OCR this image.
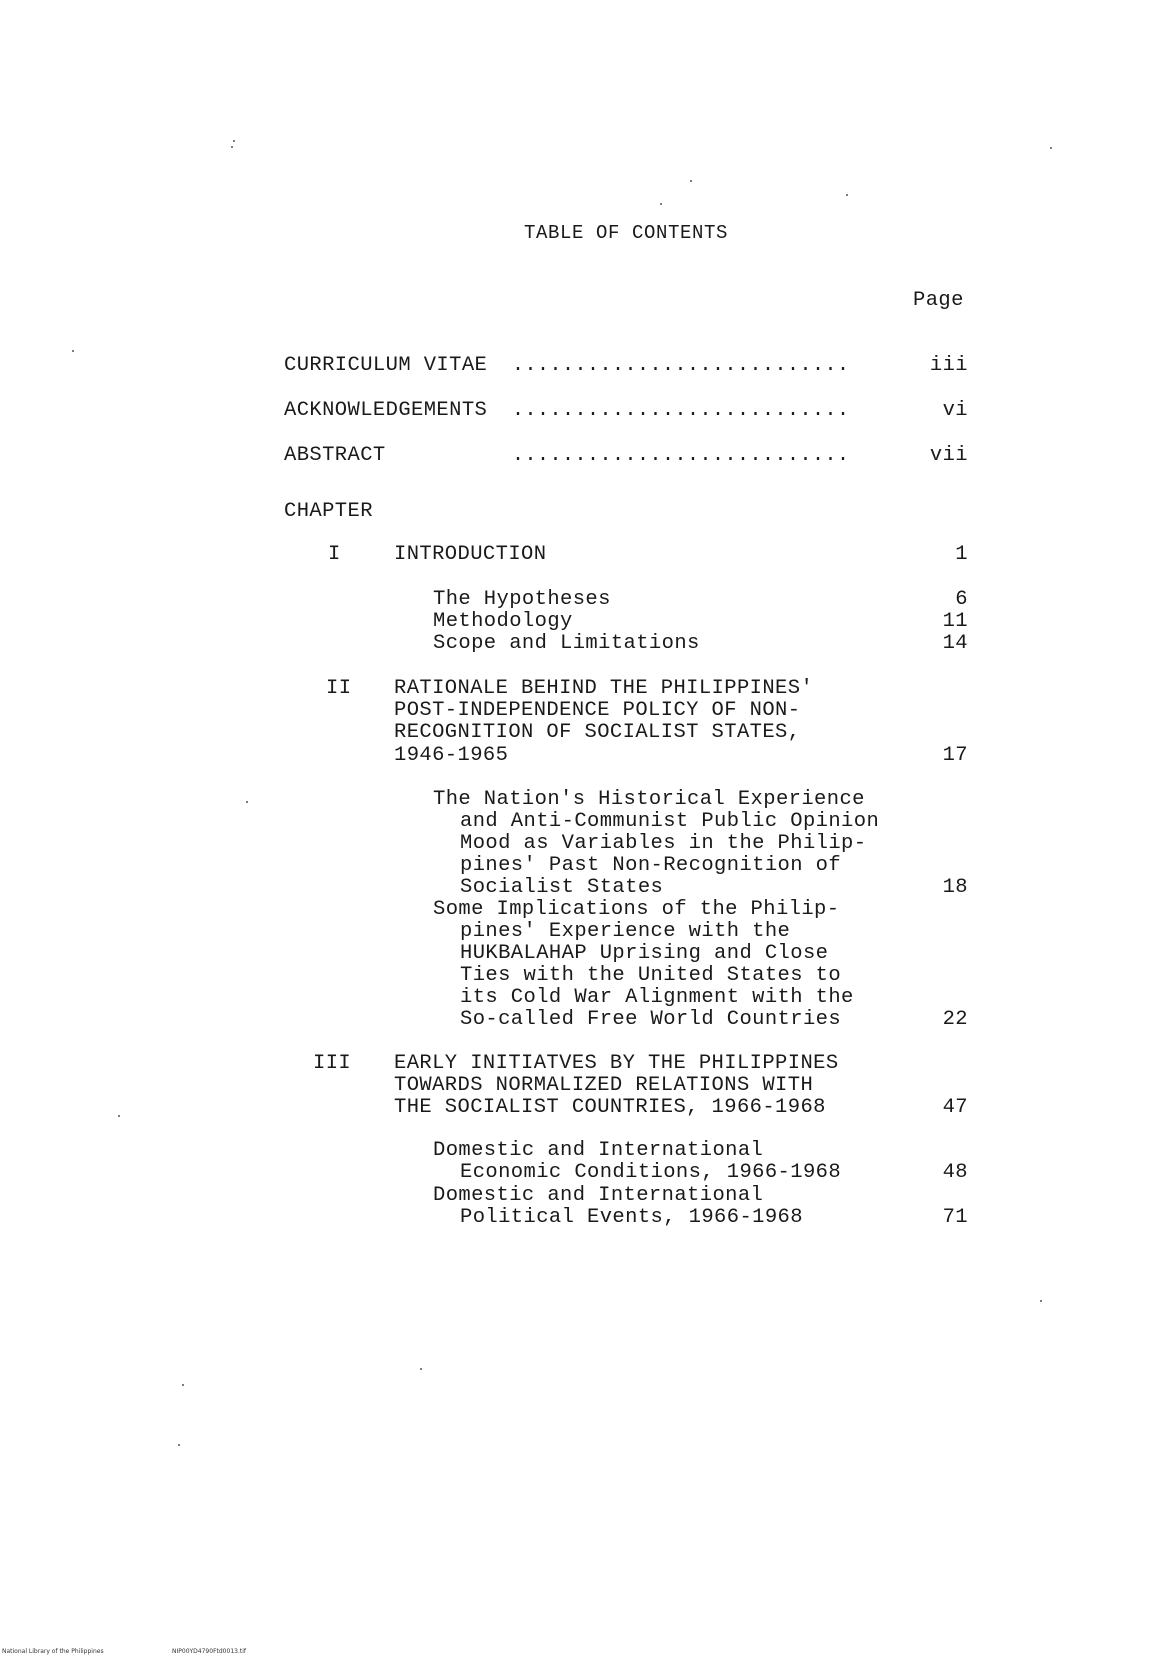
TABLE OF CONTENTS
Page
CURRICULUM VITAE ...........................	iii
ACKNOWLEDGEMENTS ...........................	vi
ABSTRACT	...........................	vii
CHAPTER
I	INTRODUCTION	1
The Hypotheses	6
Methodology	11
Scope and Limitations	14
II RATIONALE BEHIND THE PHILIPPINES'
POST-INDEPENDENCE POLICY OF NON-
RECOGNITION OF SOCIALIST STATES,
1946-1965	17
The Nation's Historical Experience
and Anti-Communist Public Opinion
Mood as Variables in the Philip-
pines' Past Non-Recognition of
Socialist States	18
Some Implications of the Philip-
pines' Experience with the
HUKBALAHAP Uprising and Close
Ties with the United States to
its Cold War Alignment with the
So-called Free World Countries	22
III EARLY INITIATVES BY THE PHILIPPINES
TOWARDS NORMALIZED RELATIONS WITH
THE SOCIALIST COUNTRIES, 1966-1968	47
Domestic and International
Economic Conditions, 1966-1968	48
Domestic and International
Political Events, 1966-1968	71
National Library of the Philippines	NIP00YD4790Ftd0013.tif
